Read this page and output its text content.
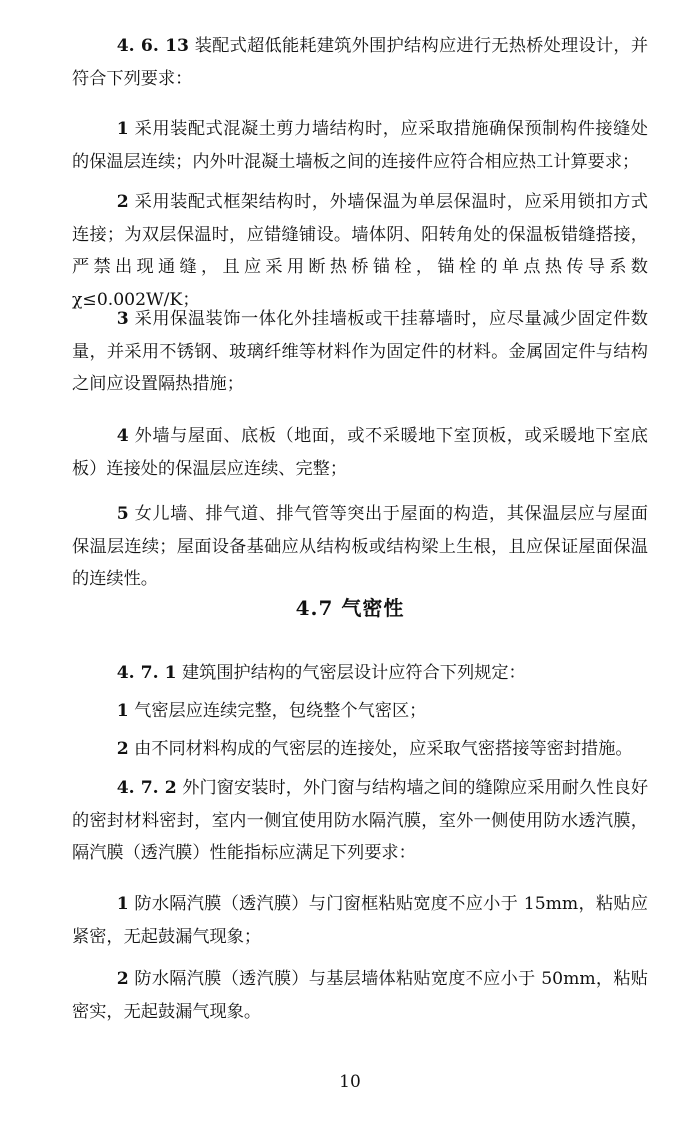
4. 6. 13 装配式超低能耗建筑外围护结构应进行无热桥处理设计，并符合下列要求：

1 采用装配式混凝土剪力墙结构时，应采取措施确保预制构件接缝处的保温层连续；内外叶混凝土墙板之间的连接件应符合相应热工计算要求；

2 采用装配式框架结构时，外墙保温为单层保温时，应采用锁扣方式连接；为双层保温时，应错缝铺设。墙体阴、阳转角处的保温板错缝搭接，严禁出现通缝，且应采用断热桥锚栓，锚栓的单点热传导系数χ≤0.002W/K；

3 采用保温装饰一体化外挂墙板或干挂幕墙时，应尽量减少固定件数量，并采用不锈钢、玻璃纤维等材料作为固定件的材料。金属固定件与结构之间应设置隔热措施；

4 外墙与屋面、底板（地面，或不采暖地下室顶板，或采暖地下室底板）连接处的保温层应连续、完整；

5 女儿墙、排气道、排气管等突出于屋面的构造，其保温层应与屋面保温层连续；屋面设备基础应从结构板或结构梁上生根，且应保证屋面保温的连续性。

4.7 气密性

4. 7. 1 建筑围护结构的气密层设计应符合下列规定：

1 气密层应连续完整，包绕整个气密区；

2 由不同材料构成的气密层的连接处，应采取气密搭接等密封措施。

4. 7. 2 外门窗安装时，外门窗与结构墙之间的缝隙应采用耐久性良好的密封材料密封，室内一侧宜使用防水隔汽膜，室外一侧使用防水透汽膜，隔汽膜（透汽膜）性能指标应满足下列要求：

1 防水隔汽膜（透汽膜）与门窗框粘贴宽度不应小于 15mm，粘贴应紧密，无起鼓漏气现象；

2 防水隔汽膜（透汽膜）与基层墙体粘贴宽度不应小于 50mm，粘贴密实，无起鼓漏气现象。

10
